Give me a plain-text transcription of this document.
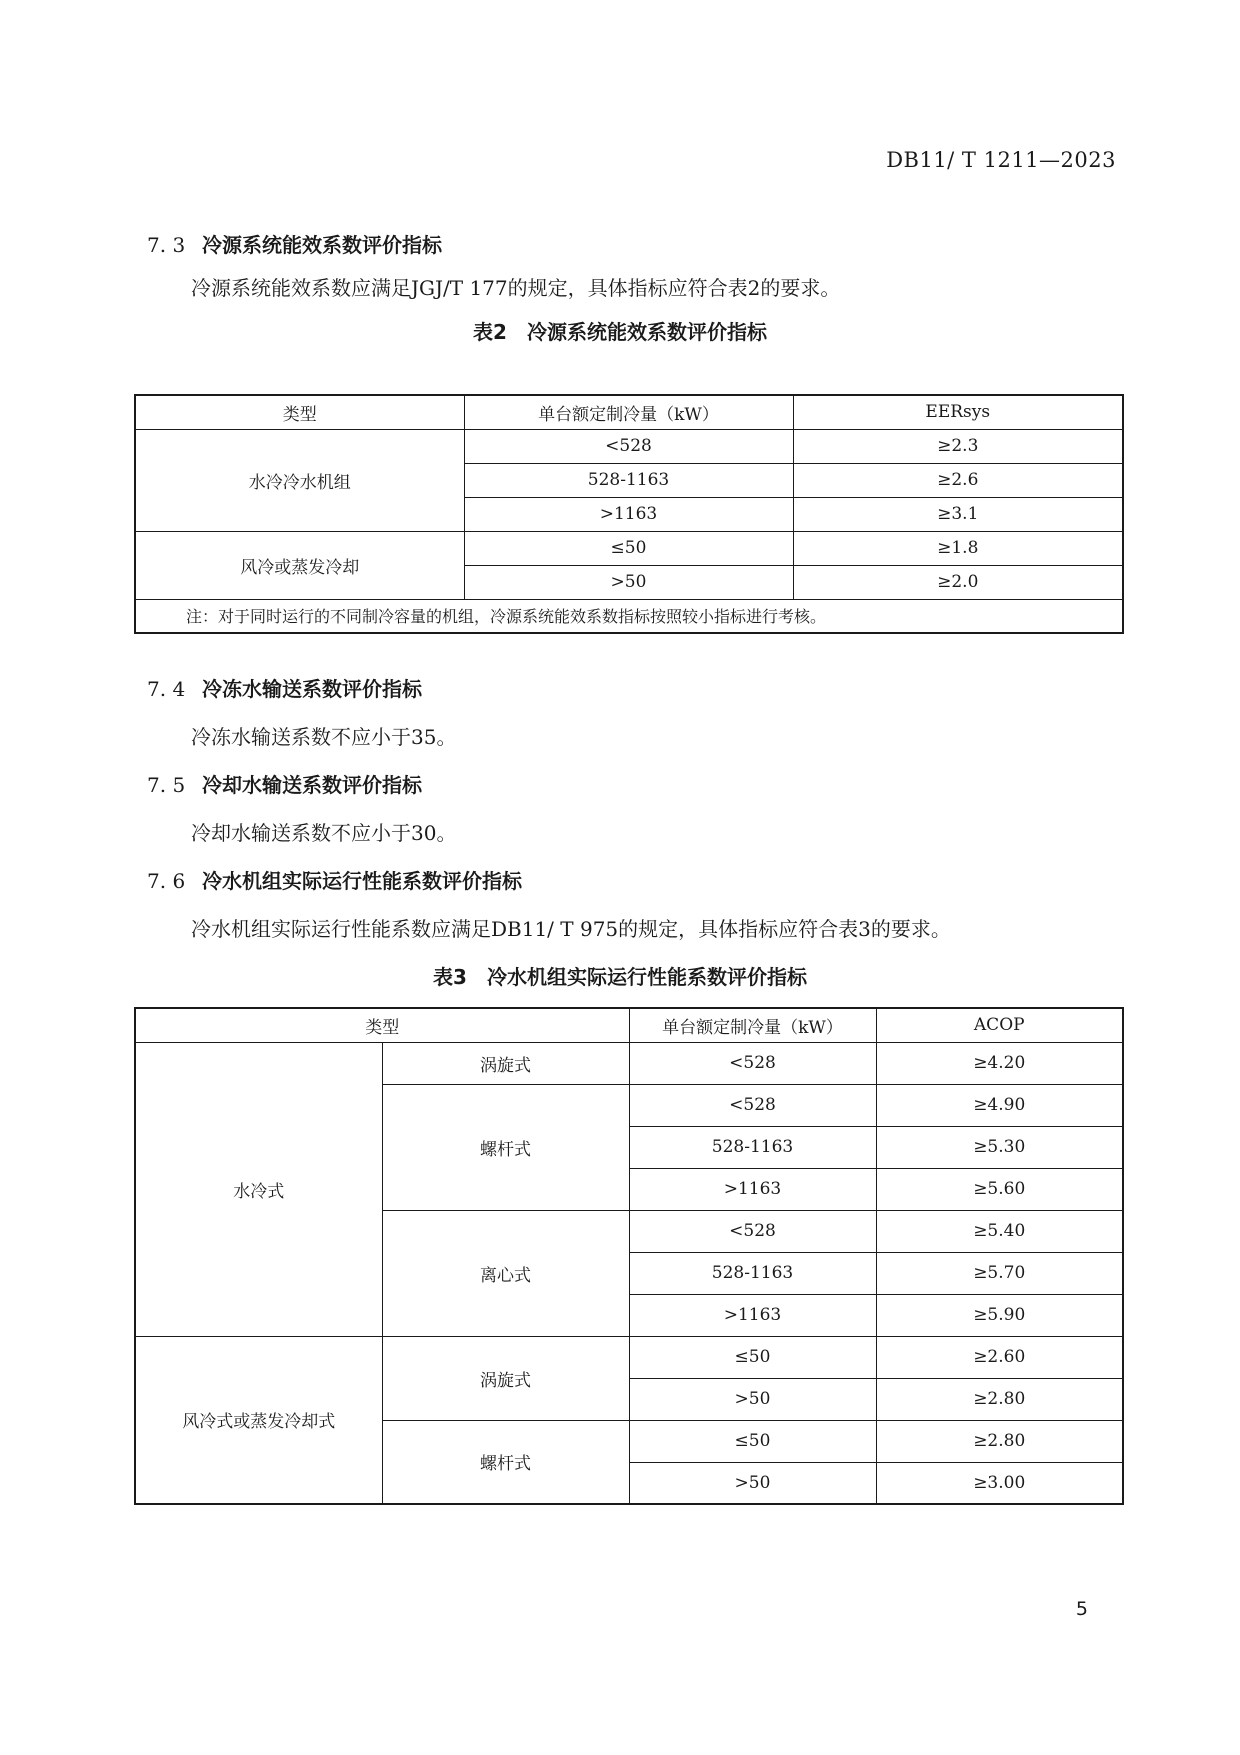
DB11/ T 1211—2023
7. 3 冷源系统能效系数评价指标
冷源系统能效系数应满足JGJ/T 177的规定，具体指标应符合表2的要求。
表2　冷源系统能效系数评价指标
类型	单台额定制冷量（kW）	EERsys
水冷冷水机组	<528	≥2.3
	528-1163	≥2.6
	>1163	≥3.1
风冷或蒸发冷却	≤50	≥1.8
	>50	≥2.0
注：对于同时运行的不同制冷容量的机组，冷源系统能效系数指标按照较小指标进行考核。		
7. 4 冷冻水输送系数评价指标
冷冻水输送系数不应小于35。
7. 5 冷却水输送系数评价指标
冷却水输送系数不应小于30。
7. 6 冷水机组实际运行性能系数评价指标
冷水机组实际运行性能系数应满足DB11/ T 975的规定，具体指标应符合表3的要求。
表3　冷水机组实际运行性能系数评价指标
类型		单台额定制冷量（kW）	ACOP
水冷式	涡旋式	<528	≥4.20
	螺杆式	<528	≥4.90
		528-1163	≥5.30
		>1163	≥5.60
	离心式	<528	≥5.40
		528-1163	≥5.70
		>1163	≥5.90
风冷式或蒸发冷却式	涡旋式	≤50	≥2.60
		>50	≥2.80
	螺杆式	≤50	≥2.80
		>50	≥3.00
5
